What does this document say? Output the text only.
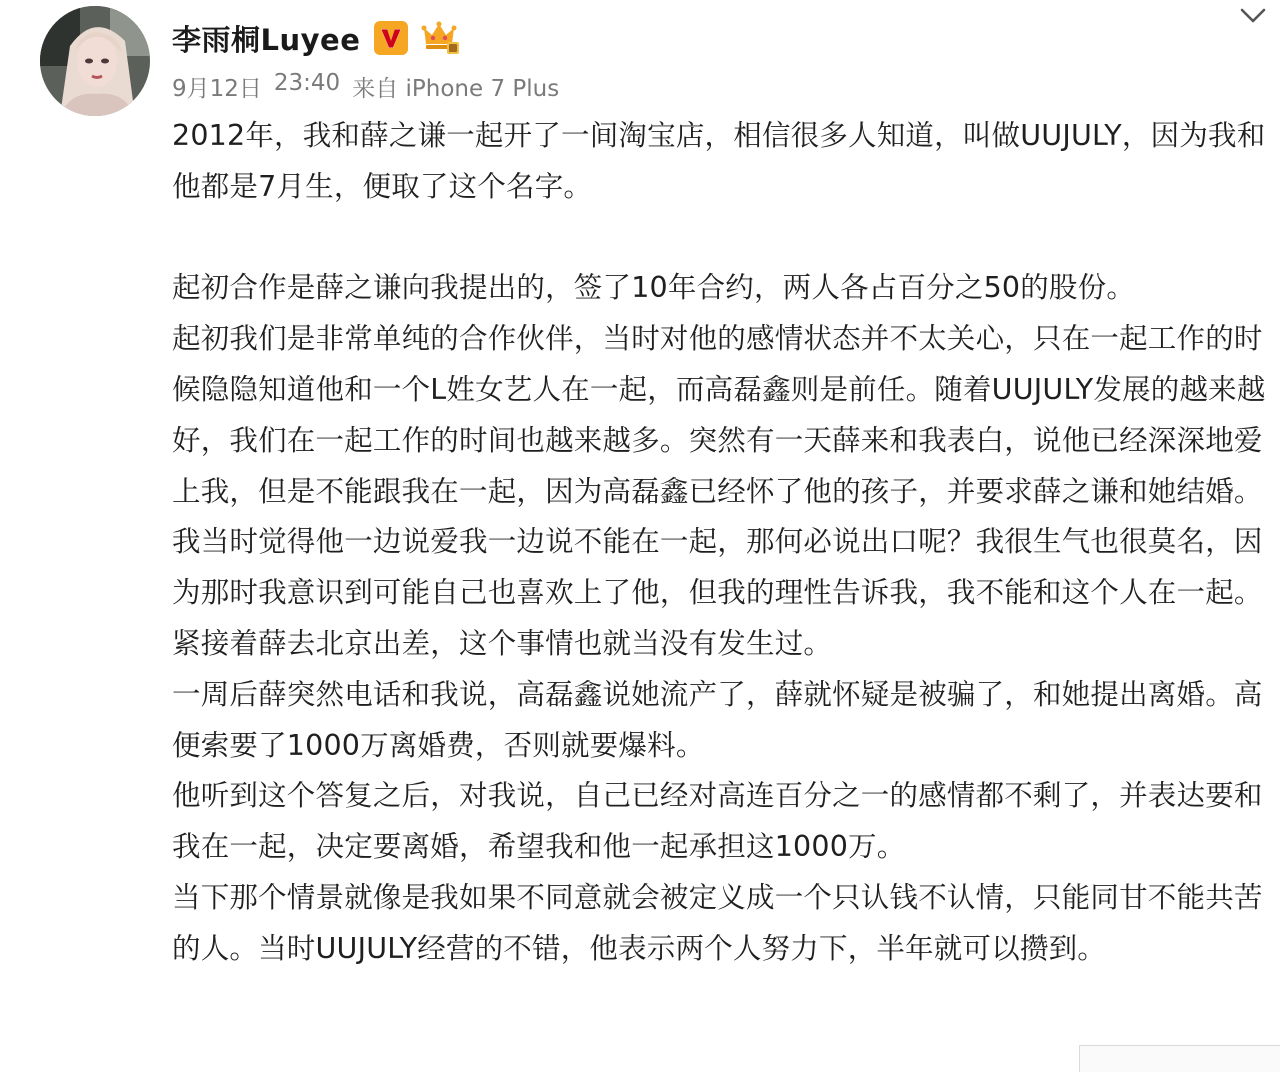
李雨桐Luyee
9月12日 23:40 来自 iPhone 7 Plus

2012年，我和薛之谦一起开了一间淘宝店，相信很多人知道，叫做UUJULY，因为我和他都是7月生，便取了这个名字。

起初合作是薛之谦向我提出的，签了10年合约，两人各占百分之50的股份。

起初我们是非常单纯的合作伙伴，当时对他的感情状态并不太关心，只在一起工作的时候隐隐知道他和一个L姓女艺人在一起，而高磊鑫则是前任。随着UUJULY发展的越来越好，我们在一起工作的时间也越来越多。突然有一天薛来和我表白，说他已经深深地爱上我，但是不能跟我在一起，因为高磊鑫已经怀了他的孩子，并要求薛之谦和她结婚。我当时觉得他一边说爱我一边说不能在一起，那何必说出口呢？我很生气也很莫名，因为那时我意识到可能自己也喜欢上了他，但我的理性告诉我，我不能和这个人在一起。

紧接着薛去北京出差，这个事情也就当没有发生过。

一周后薛突然电话和我说，高磊鑫说她流产了，薛就怀疑是被骗了，和她提出离婚。高便索要了1000万离婚费，否则就要爆料。

他听到这个答复之后，对我说，自己已经对高连百分之一的感情都不剩了，并表达要和我在一起，决定要离婚，希望我和他一起承担这1000万。

当下那个情景就像是我如果不同意就会被定义成一个只认钱不认情，只能同甘不能共苦的人。当时UUJULY经营的不错，他表示两个人努力下，半年就可以攒到。
